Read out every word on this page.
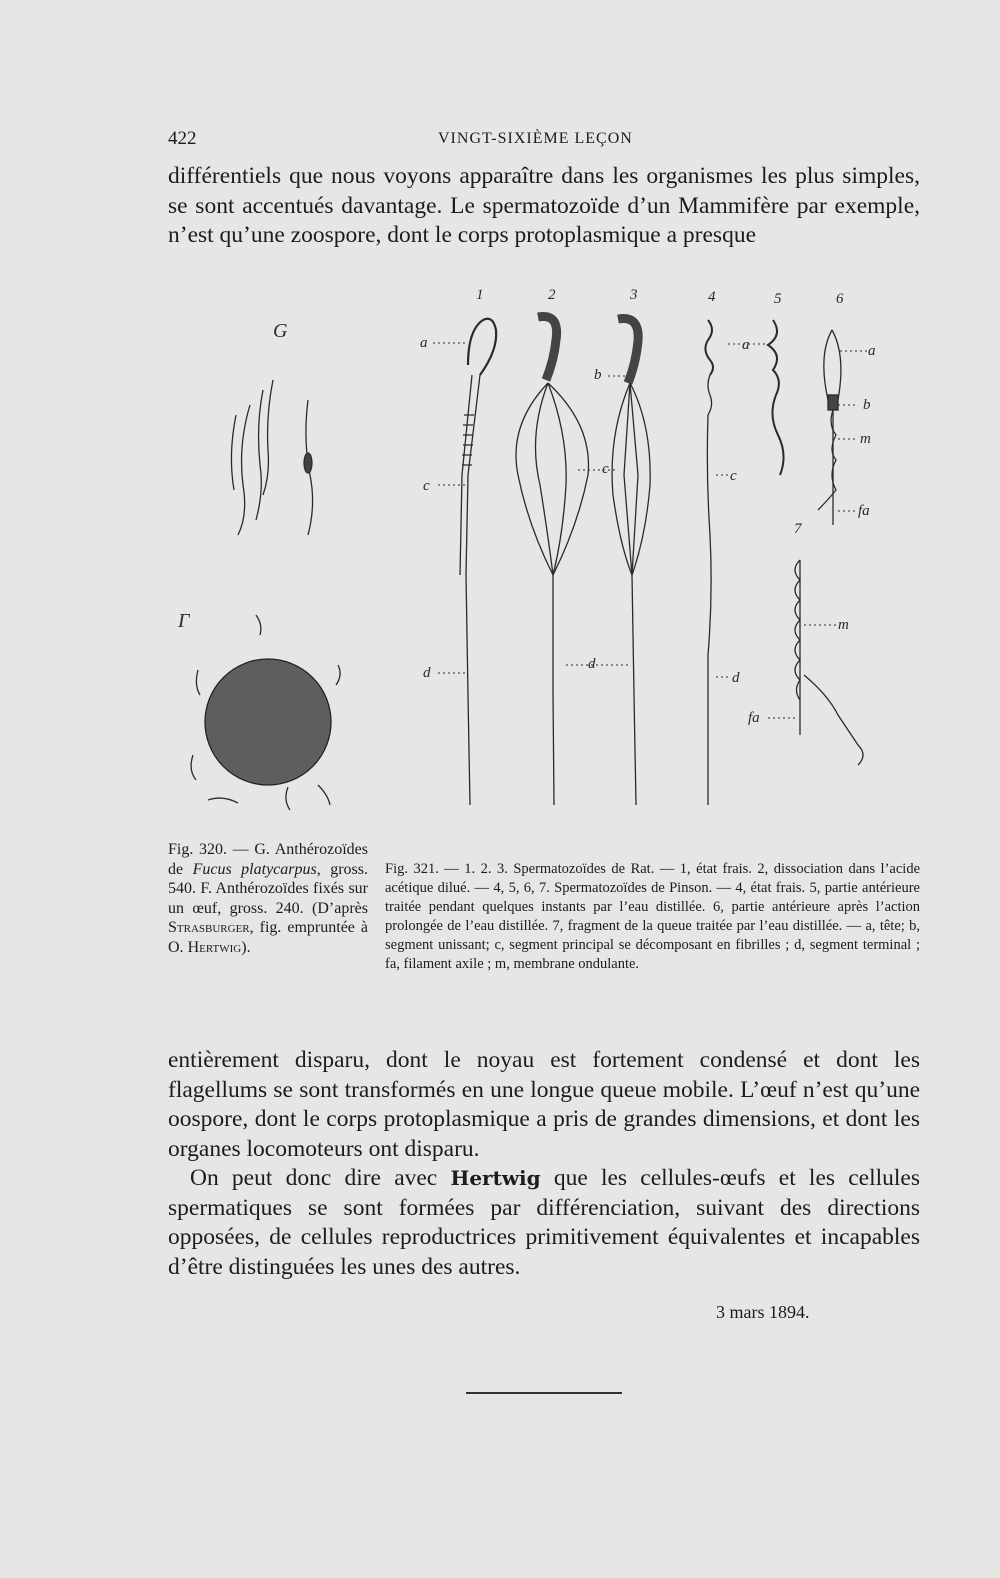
422	VINGT-SIXIÈME LEÇON

différentiels que nous voyons apparaître dans les organismes les plus simples, se sont accentués davantage. Le spermatozoïde d’un Mammifère par exemple, n’est qu’une zoospore, dont le corps protoplasmique a presque

G
Γ
1	2	3	4	5	6
7
a
c
d
b
c
d
a
c
d
a
b
m
fa
m
fa

Fig. 320. — G. Anthérozoïdes de Fucus platycarpus, gross. 540. F. Anthérozoïdes fixés sur un œuf, gross. 240. (D’après Strasburger, fig. empruntée à O. Hertwig).

Fig. 321. — 1. 2. 3. Spermatozoïdes de Rat. — 1, état frais. 2, dissociation dans l’acide acétique dilué. — 4, 5, 6, 7. Spermatozoïdes de Pinson. — 4, état frais. 5, partie antérieure traitée pendant quelques instants par l’eau distillée. 6, partie antérieure après l’action prolongée de l’eau distillée. 7, fragment de la queue traitée par l’eau distillée. — a, tête; b, segment unissant; c, segment principal se décomposant en fibrilles ; d, segment terminal ; fa, filament axile ; m, membrane ondulante.

entièrement disparu, dont le noyau est fortement condensé et dont les flagellums se sont transformés en une longue queue mobile. L’œuf n’est qu’une oospore, dont le corps protoplasmique a pris de grandes dimensions, et dont les organes locomoteurs ont disparu.

On peut donc dire avec Hertwig que les cellules-œufs et les cellules spermatiques se sont formées par différenciation, suivant des directions opposées, de cellules reproductrices primitivement équivalentes et incapables d’être distinguées les unes des autres.

3 mars 1894.
